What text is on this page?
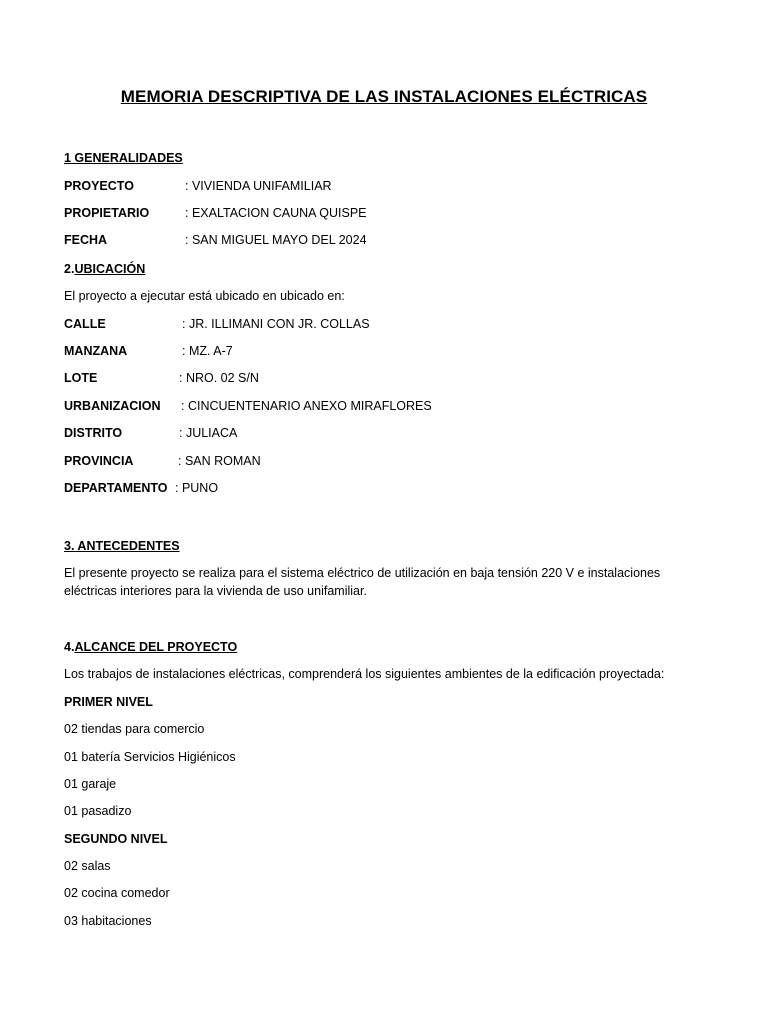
MEMORIA DESCRIPTIVA DE LAS INSTALACIONES ELÉCTRICAS
1 GENERALIDADES
PROYECTO	: VIVIENDA UNIFAMILIAR
PROPIETARIO	: EXALTACION CAUNA QUISPE
FECHA	: SAN MIGUEL MAYO DEL 2024
2.UBICACIÓN
El proyecto a ejecutar está ubicado en ubicado en:
CALLE	: JR. ILLIMANI CON JR. COLLAS
MANZANA	: MZ. A-7
LOTE	: NRO. 02 S/N
URBANIZACION : CINCUENTENARIO ANEXO MIRAFLORES
DISTRITO	: JULIACA
PROVINCIA	: SAN ROMAN
DEPARTAMENTO : PUNO
3. ANTECEDENTES
El presente proyecto se realiza para el sistema eléctrico de utilización en baja tensión 220 V e instalaciones eléctricas interiores para la vivienda de uso unifamiliar.
4.ALCANCE DEL PROYECTO
Los trabajos de instalaciones eléctricas, comprenderá los siguientes ambientes de la edificación proyectada:
PRIMER NIVEL
02 tiendas para comercio
01 batería Servicios Higiénicos
01 garaje
01 pasadizo
SEGUNDO NIVEL
02 salas
02 cocina comedor
03 habitaciones
